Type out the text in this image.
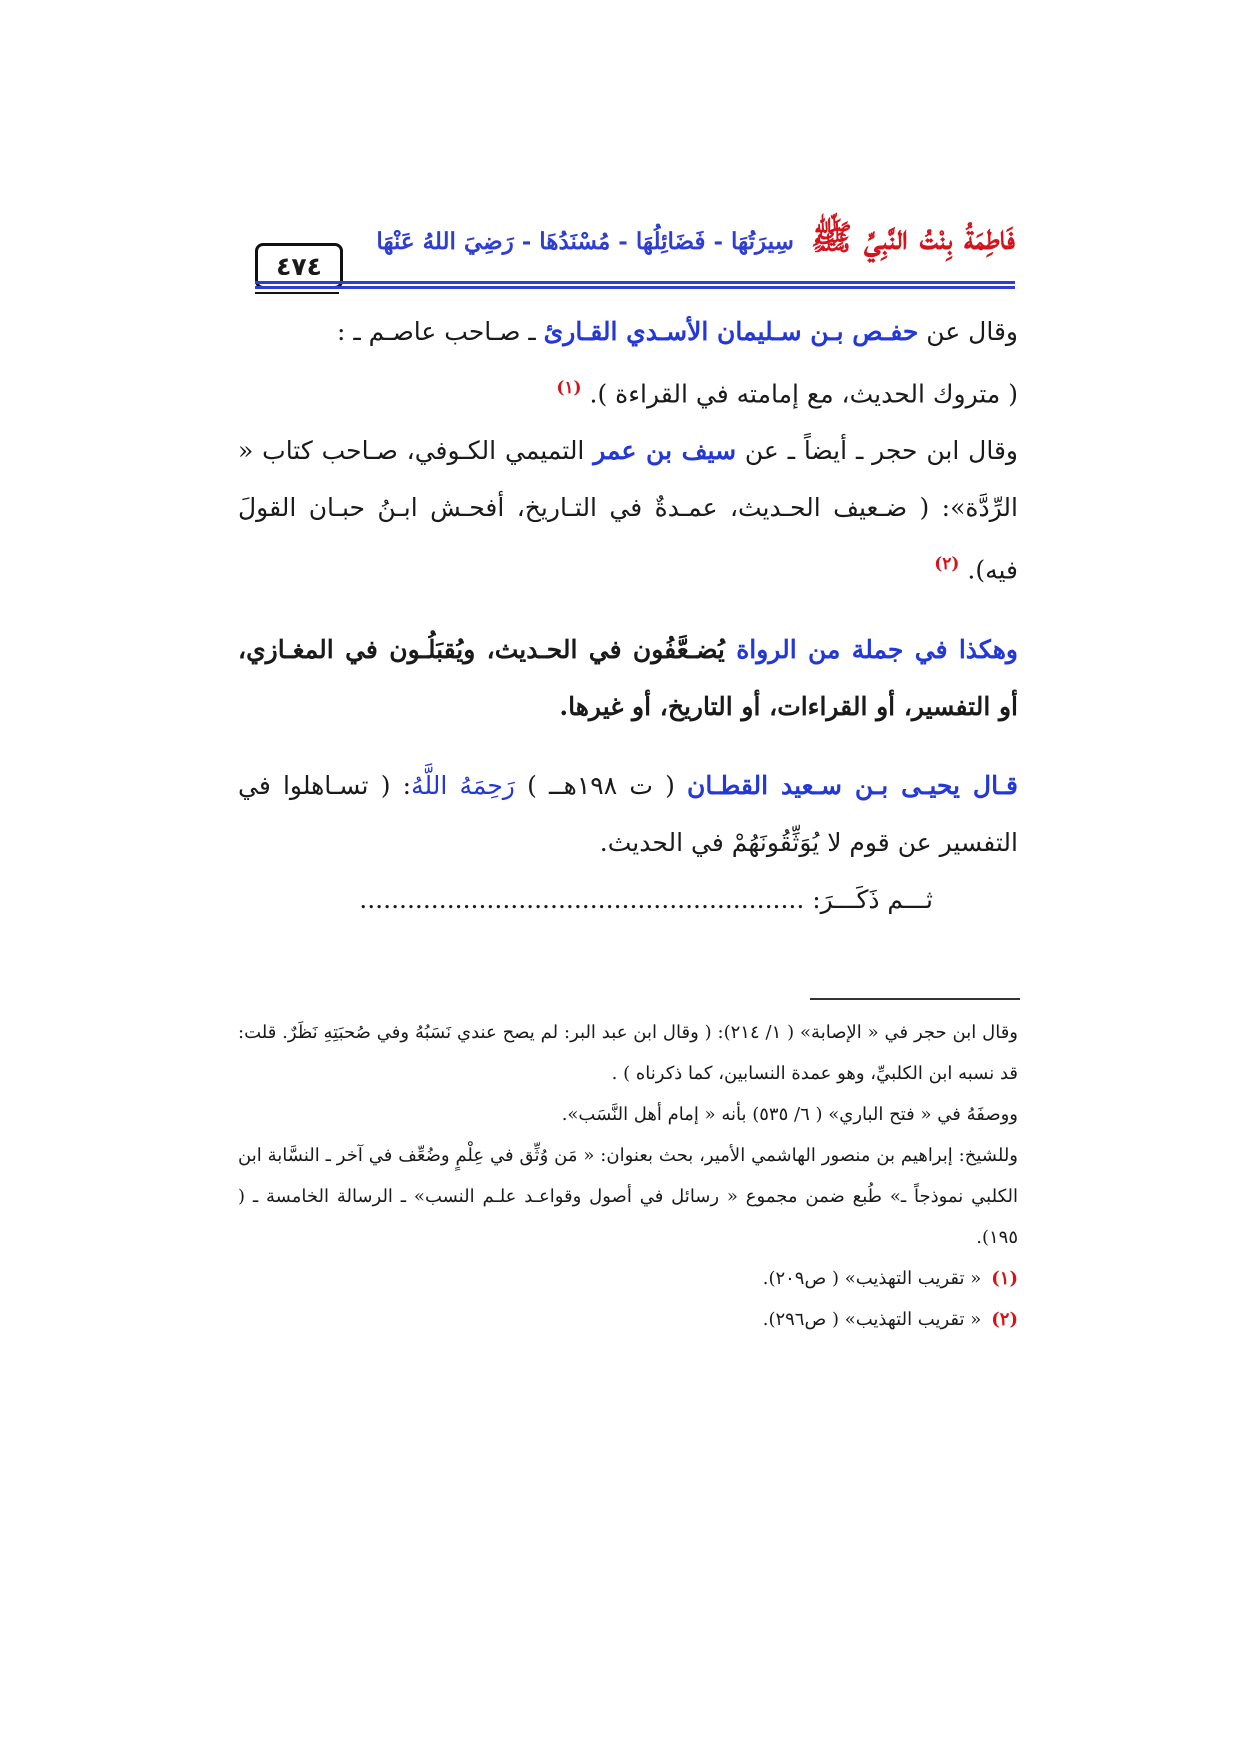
٤٧٤
فَاطِمَةُ بِنْتُ النَّبِيِّ ﷺ سِيرَتُهَا - فَضَائِلُهَا - مُسْنَدُهَا - رَضِيَ اللهُ عَنْهَا

وقال عن حفـص بـن سـليمان الأسـدي القـارئ ـ صـاحب عاصـم ـ :

( متروك الحديث، مع إمامته في القراءة ). $^{(١)}$

وقال ابن حجر ـ أيضاً ـ عن سيف بن عمر التميمي الكـوفي، صـاحب كتاب « الرِّدَّة»: ( ضـعيف الحـديث، عمـدةٌ في التـاريخ، أفحـش ابـنُ حبـان القولَ فيه). $^{(٢)}$

وهكذا في جملة من الرواة يُضـعَّفُون في الحـديث، ويُقبَلُـون في المغـازي، أو التفسير، أو القراءات، أو التاريخ، أو غيرها.

قـال يحيـى بـن سـعيد القطـان ( ت ١٩٨هــ ) رَحِمَهُ اللَّهُ: ( تسـاهلوا في التفسير عن قوم لا يُوَثِّقُونَهُمْ في الحديث.

ثـــم ذَكَـــرَ: ........................................................

وقال ابن حجر في « الإصابة» ( ١/ ٢١٤): ( وقال ابن عبد البر: لم يصح عندي نَسَبُهُ وفي صُحبَتِهِ نَظَرٌ. قلت: قد نسبه ابن الكلبيِّ، وهو عمدة النسابين، كما ذكرناه ) .

ووصفَهُ في « فتح الباري» ( ٦/ ٥٣٥) بأنه « إمام أهل النَّسَب».

وللشيخ: إبراهيم بن منصور الهاشمي الأمير، بحث بعنوان: « مَن وُثِّق في عِلْمٍ وضُعِّف في آخر ـ النسَّابة ابن الكلبي نموذجاً ـ» طُبع ضمن مجموع « رسائل في أصول وقواعـد علـم النسب» ـ الرسالة الخامسة ـ ( ١٩٥).

(١)
« تقريب التهذيب» ( ص٢٠٩).
(٢)
« تقريب التهذيب» ( ص٢٩٦).
